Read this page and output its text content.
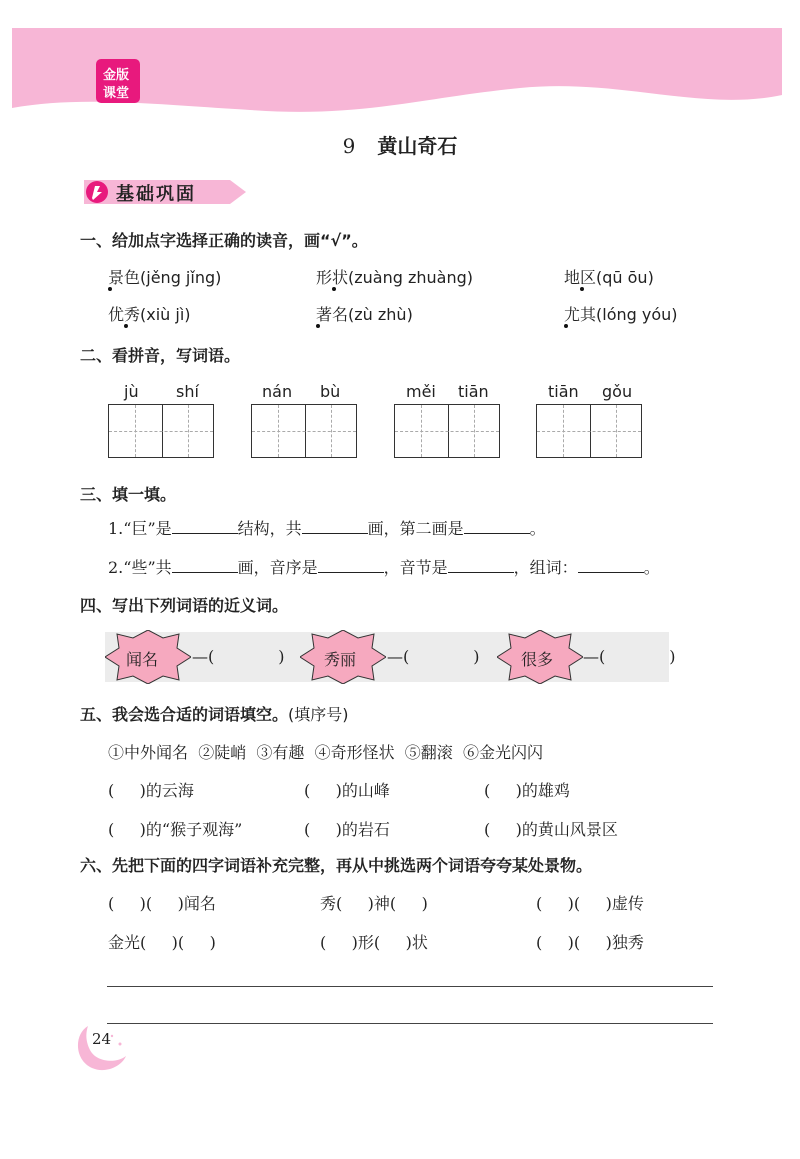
金版
课堂
9 黄山奇石
基础巩固
一、给加点字选择正确的读音，画“√”。
景色(jěng jǐng)	形状(zuàng zhuàng)	地区(qū ōu)
优秀(xiù jì)	著名(zù zhù)	尤其(lóng yóu)
二、看拼音，写词语。
jù shí	nán bù	měi tiān	tiān gǒu
三、填一填。
1.“巨”是	结构，共	画，第二画是	。
2.“些”共	画，音序是	，音节是	，组词：	。
四、写出下列词语的近义词。
闻名 —(	) 秀丽 —(	)	很多 —(	)
五、我会选合适的词语填空。(填序号)
①中外闻名 ②陡峭 ③有趣 ④奇形怪状 ⑤翻滚 ⑥金光闪闪
(     )的云海	(     )的山峰	(     )的雄鸡
(     )的“猴子观海”	(     )的岩石	(     )的黄山风景区
六、先把下面的四字词语补充完整，再从中挑选两个词语夸夸某处景物。
(     )(     )闻名	秀(     )神(     )	(     )(     )虚传
金光(     )(     )	(     )形(     )状	(     )(     )独秀
24
